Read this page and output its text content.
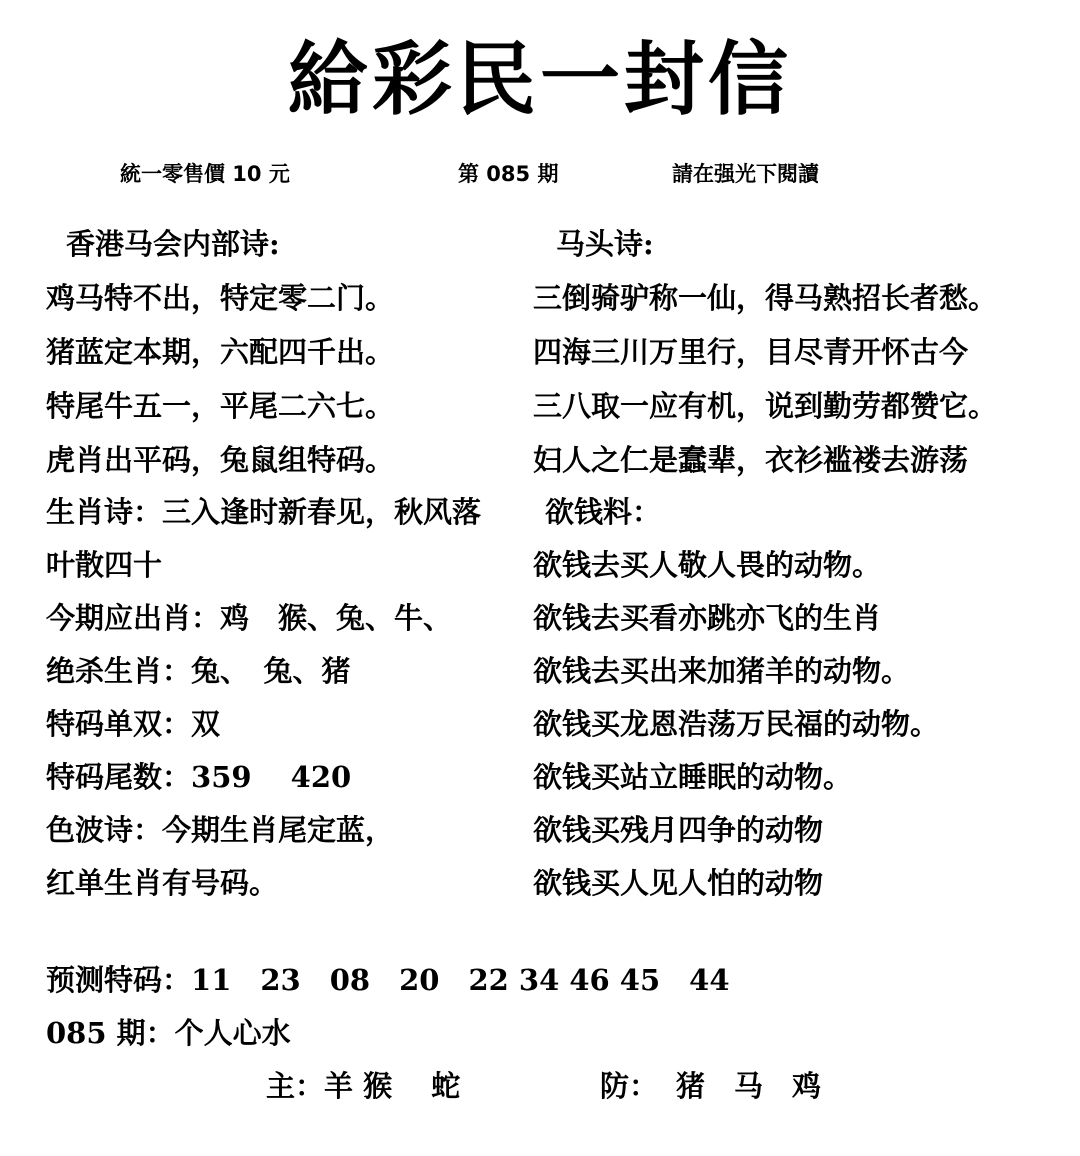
給彩民一封信
統一零售價 10 元	第 085 期	請在强光下閱讀
香港马会内部诗:
鸡马特不出，特定零二门。
猪蓝定本期，六配四千出。
特尾牛五一，平尾二六七。
虎肖出平码，兔鼠组特码。
生肖诗：三入逢时新春见，秋风落
叶散四十
今期应出肖：鸡　猴、兔、牛、
绝杀生肖：兔、　兔、猪
特码单双：双
特码尾数：359　 420
色波诗：今期生肖尾定蓝，
红单生肖有号码。
马头诗:
三倒骑驴称一仙，得马熟招长者愁。
四海三川万里行，目尽青开怀古今
三八取一应有机，说到勤劳都赞它。
妇人之仁是蠢辈，衣衫褴褛去游荡
欲钱料：
欲钱去买人敬人畏的动物。
欲钱去买看亦跳亦飞的生肖
欲钱去买出来加猪羊的动物。
欲钱买龙恩浩荡万民福的动物。
欲钱买站立睡眠的动物。
欲钱买残月四争的动物
欲钱买人见人怕的动物
预测特码：11　23　08　20　22 34 46 45　44
085 期：个人心水
主：羊 猴　 蛇	防： 猪　马　鸡
